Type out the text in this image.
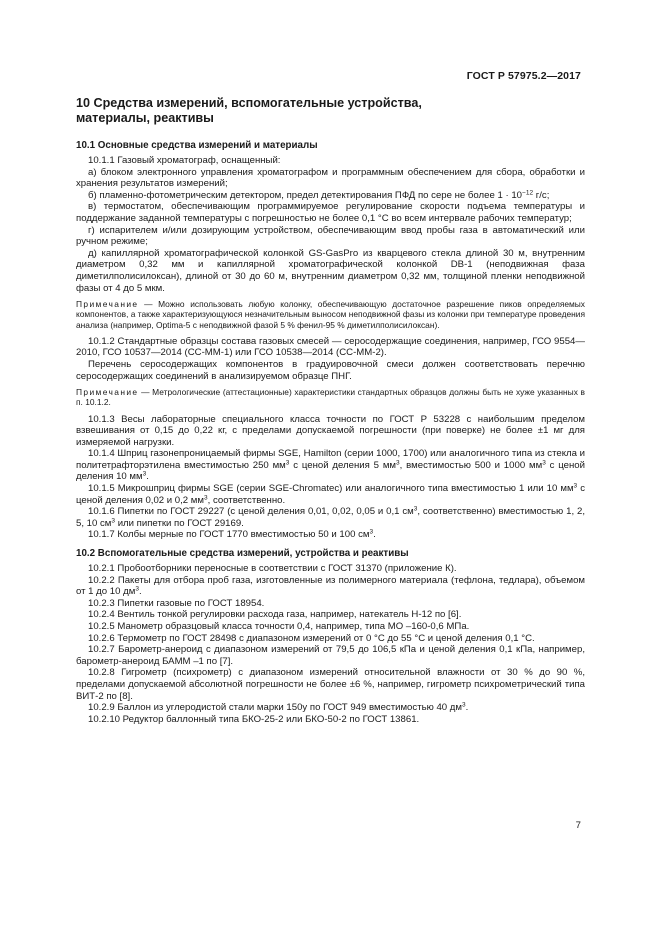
ГОСТ Р 57975.2—2017
10 Средства измерений, вспомогательные устройства,
материалы, реактивы
10.1 Основные средства измерений и материалы

10.1.1 Газовый хроматограф, оснащенный:

а) блоком электронного управления хроматографом и программным обеспечением для сбора, обработки и хранения результатов измерений;

б) пламенно-фотометрическим детектором, предел детектирования ПФД по сере не более $1 \cdot 10^{-12}$ г/с;

в) термостатом, обеспечивающим программируемое регулирование скорости подъема температуры и поддержание заданной температуры с погрешностью не более 0,1 °С во всем интервале рабочих температур;

г) испарителем и/или дозирующим устройством, обеспечивающим ввод пробы газа в автоматический или ручном режиме;

д) капиллярной хроматографической колонкой GS-GasPro из кварцевого стекла длиной 30 м, внутренним диаметром 0,32 мм и капиллярной хроматографической колонкой DB-1 (неподвижная фаза диметилполисилоксан), длиной от 30 до 60 м, внутренним диаметром 0,32 мм, толщиной пленки неподвижной фазы от 4 до 5 мкм.

Примечание — Можно использовать любую колонку, обеспечивающую достаточное разрешение пиков определяемых компонентов, а также характеризующуюся незначительным выносом неподвижной фазы из колонки при температуре проведения анализа (например, Optima-5 с неподвижной фазой 5 % фенил-95 % диметилполисилоксан).

10.1.2 Стандартные образцы состава газовых смесей — серосодержащие соединения, например, ГСО 9554—2010, ГСО 10537—2014 (СС-ММ-1) или ГСО 10538—2014 (СС-ММ-2).

Перечень серосодержащих компонентов в градуировочной смеси должен соответствовать перечню серосодержащих соединений в анализируемом образце ПНГ.

Примечание — Метрологические (аттестационные) характеристики стандартных образцов должны быть не хуже указанных в п. 10.1.2.

10.1.3 Весы лабораторные специального класса точности по ГОСТ Р 53228 с наибольшим пределом взвешивания от 0,15 до 0,22 кг, с пределами допускаемой погрешности (при поверке) не более ±1 мг для измеряемой нагрузки.

10.1.4 Шприц газонепроницаемый фирмы SGE, Hamilton (серии 1000, 1700) или аналогичного типа из стекла и политетрафторэтилена вместимостью 250 $мм^3$ с ценой деления 5 $мм^3$, вместимостью 500 и 1000 $мм^3$ с ценой деления 10 $мм^3$.

10.1.5 Микрошприц фирмы SGE (серии SGE-Chromatec) или аналогичного типа вместимостью 1 или 10 $мм^3$ с ценой деления 0,02 и 0,2 $мм^3$, соответственно.

10.1.6 Пипетки по ГОСТ 29227 (с ценой деления 0,01, 0,02, 0,05 и 0,1 $см^3$, соответственно) вместимостью 1, 2, 5, 10 $см^3$ или пипетки по ГОСТ 29169.

10.1.7 Колбы мерные по ГОСТ 1770 вместимостью 50 и 100 $см^3$.

10.2 Вспомогательные средства измерений, устройства и реактивы

10.2.1 Пробоотборники переносные в соответствии с ГОСТ 31370 (приложение К).

10.2.2 Пакеты для отбора проб газа, изготовленные из полимерного материала (тефлона, тедлара), объемом от 1 до 10 $дм^3$.

10.2.3 Пипетки газовые по ГОСТ 18954.

10.2.4 Вентиль тонкой регулировки расхода газа, например, натекатель Н-12 по [6].

10.2.5 Манометр образцовый класса точности 0,4, например, типа МО –160-0,6 МПа.

10.2.6 Термометр по ГОСТ 28498 с диапазоном измерений от 0 °С до 55 °С и ценой деления 0,1 °С.

10.2.7 Барометр-анероид с диапазоном измерений от 79,5 до 106,5 кПа и ценой деления 0,1 кПа, например, барометр-анероид БАММ –1 по [7].

10.2.8 Гигрометр (психрометр) с диапазоном измерений относительной влажности от 30 % до 90 %, пределами допускаемой абсолютной погрешности не более ±6 %, например, гигрометр психрометрический типа ВИТ-2 по [8].

10.2.9 Баллон из углеродистой стали марки 150у по ГОСТ 949 вместимостью 40 $дм^3$.

10.2.10 Редуктор баллонный типа БКО-25-2 или БКО-50-2 по ГОСТ 13861.

7
